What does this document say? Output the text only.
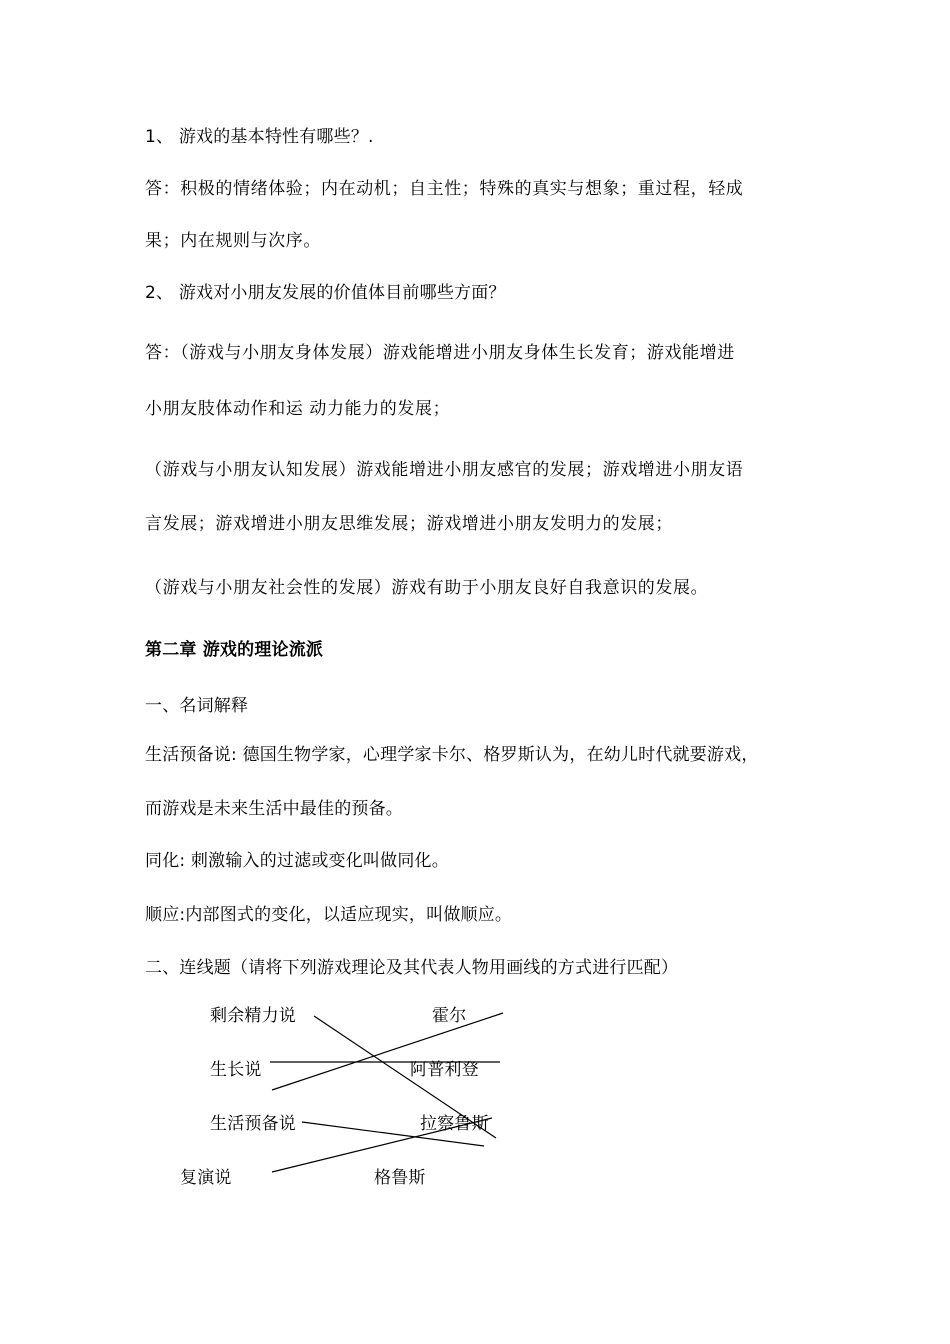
1、 游戏的基本特性有哪些？.
答：积极的情绪体验；内在动机；自主性；特殊的真实与想象；重过程，轻成
果；内在规则与次序。
2、 游戏对小朋友发展的价值体目前哪些方面？
答：（游戏与小朋友身体发展）游戏能增进小朋友身体生长发育；游戏能增进
小朋友肢体动作和运 动力能力的发展；
（游戏与小朋友认知发展）游戏能增进小朋友感官的发展；游戏增进小朋友语
言发展；游戏增进小朋友思维发展；游戏增进小朋友发明力的发展；
（游戏与小朋友社会性的发展）游戏有助于小朋友良好自我意识的发展。
第二章 游戏的理论流派
一、名词解释
生活预备说: 德国生物学家，心理学家卡尔、格罗斯认为，在幼儿时代就要游戏，
而游戏是未来生活中最佳的预备。
同化: 刺激输入的过滤或变化叫做同化。
顺应:内部图式的变化，以适应现实，叫做顺应。
二、连线题（请将下列游戏理论及其代表人物用画线的方式进行匹配）
剩余精力说
生长说
生活预备说
复演说
霍尔
阿普利登
拉察鲁斯
格鲁斯
